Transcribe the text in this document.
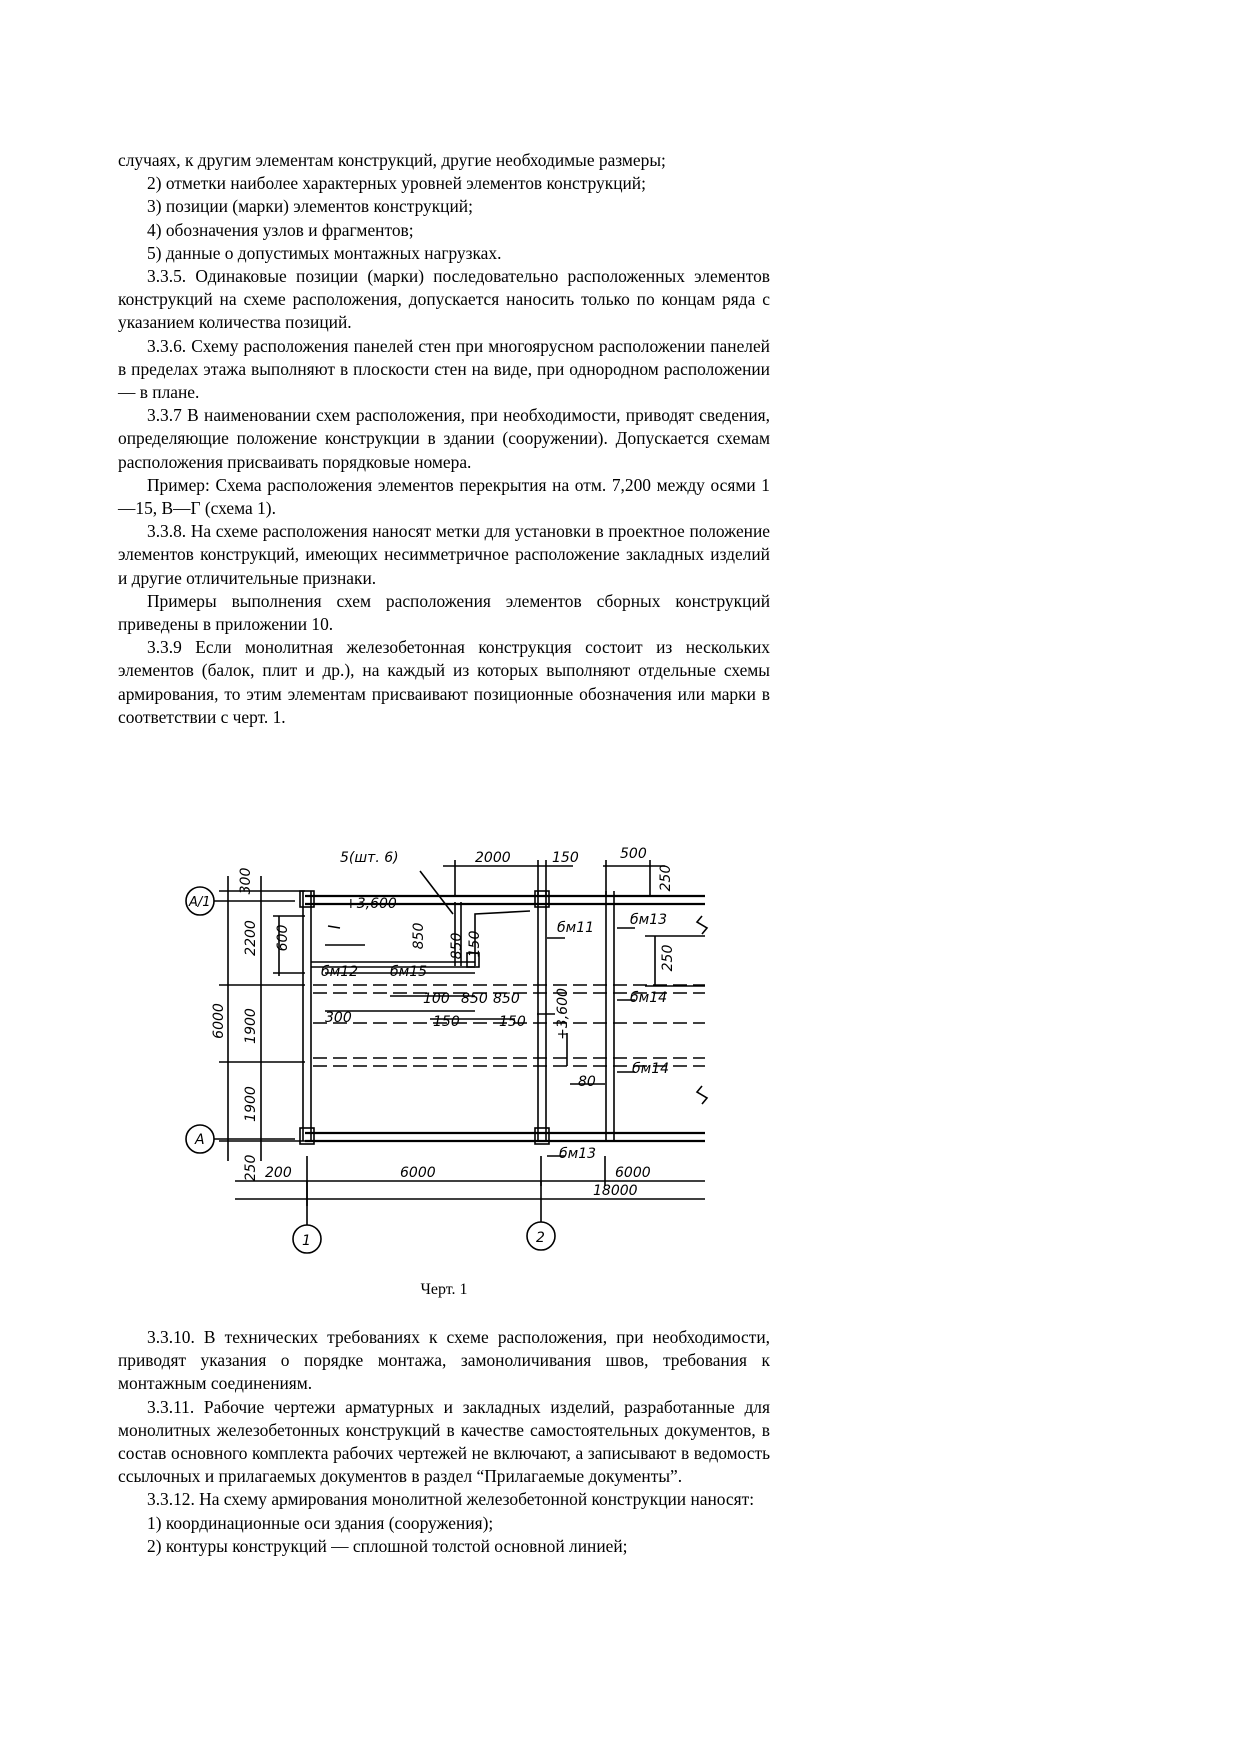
случаях, к другим элементам конструкций, другие необходимые размеры;

2) отметки наиболее характерных уровней элементов конструкций;

3) позиции (марки) элементов конструкций;

4) обозначения узлов и фрагментов;

5) данные о допустимых монтажных нагрузках.

3.3.5. Одинаковые позиции (марки) последовательно расположенных элементов конструкций на схеме расположения, допускается наносить только по концам ряда с указанием количества позиций.

3.3.6. Схему расположения панелей стен при многоярусном расположении панелей в пределах этажа выполняют в плоскости стен на виде, при однородном расположении — в плане.

3.3.7 В наименовании схем расположения, при необходимости, приводят сведения, определяющие положение конструкции в здании (сооружении). Допускается схемам расположения присваивать порядковые номера.

Пример: Схема расположения элементов перекрытия на отм. 7,200 между осями 1—15, В—Г (схема 1).

3.3.8. На схеме расположения наносят метки для установки в проектное положение элементов конструкций, имеющих несимметричное расположение закладных изделий и другие отличительные признаки.

Примеры выполнения схем расположения элементов сборных конструкций приведены в приложении 10.

3.3.9 Если монолитная железобетонная конструкция состоит из нескольких элементов (балок, плит и др.), на каждый из которых выполняют отдельные схемы армирования, то этим элементам присваивают позиционные обозначения или марки в соответствии с черт. 1.

5(шт. 6)	2000	150	500
+3,600
бм12 бм15
бм11	бм13
бм14
бм14
бм13
100 850 850
150	150
300
80
200	6000	6000
18000
A/1
A
1	2
300
2200
6000 1900
1900
250
600	850 850 150
+3,600
250
250
Черт. 1

3.3.10. В технических требованиях к схеме расположения, при необходимости, приводят указания о порядке монтажа, замоноличивания швов, требования к монтажным соединениям.

3.3.11. Рабочие чертежи арматурных и закладных изделий, разработанные для монолитных железобетонных конструкций в качестве самостоятельных документов, в состав основного комплекта рабочих чертежей не включают, а записывают в ведомость ссылочных и прилагаемых документов в раздел “Прилагаемые документы”.

3.3.12. На схему армирования монолитной железобетонной конструкции наносят:

1) координационные оси здания (сооружения);

2) контуры конструкций — сплошной толстой основной линией;
